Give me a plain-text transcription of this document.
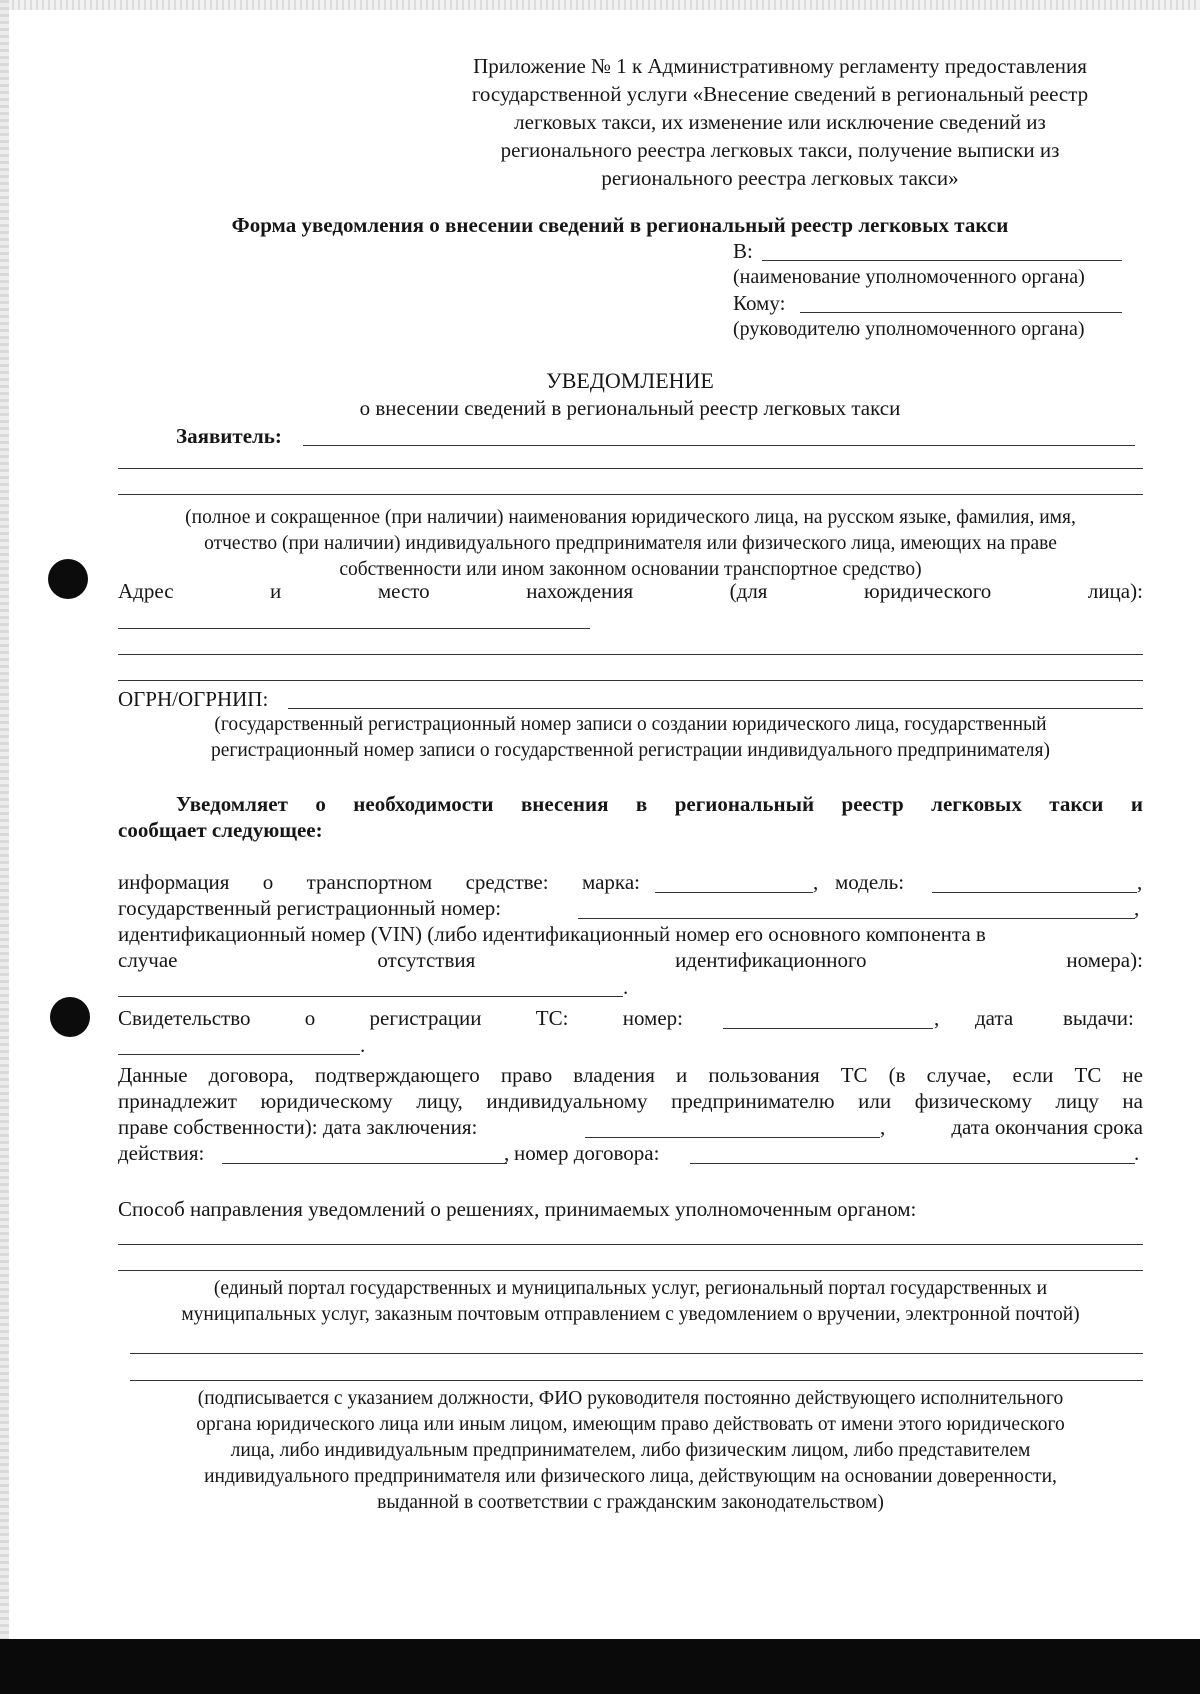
Приложение № 1 к Административному регламенту предоставления
государственной услуги «Внесение сведений в региональный реестр
легковых такси, их изменение или исключение сведений из
регионального реестра легковых такси, получение выписки из
регионального реестра легковых такси»
Форма уведомления о внесении сведений в региональный реестр легковых такси
В:
(наименование уполномоченного органа)
Кому:
(руководителю уполномоченного органа)
УВЕДОМЛЕНИЕ
о внесении сведений в региональный реестр легковых такси
Заявитель:
(полное и сокращенное (при наличии) наименования юридического лица, на русском языке, фамилия, имя,
отчество (при наличии) индивидуального предпринимателя или физического лица, имеющих на праве
собственности или ином законном основании транспортное средство)
Адрес	и	место	нахождения	(для	юридического	лица):
ОГРН/ОГРНИП:
(государственный регистрационный номер записи о создании юридического лица, государственный
регистрационный номер записи о государственной регистрации индивидуального предпринимателя)
Уведомляет о необходимости внесения в региональный реестр легковых такси и
сообщает следующее:
информация о транспортном средстве: марка:	, модель:	,
государственный регистрационный номер:	,
идентификационный номер (VIN) (либо идентификационный номер его основного компонента в
случае	отсутствия	идентификационного	номера):
.
Свидетельство	о	регистрации	ТС:	номер:	, дата выдачи:
.
Данные договора, подтверждающего право владения и пользования ТС (в случае, если ТС не
принадлежит юридическому лицу, индивидуальному предпринимателю или физическому лицу на
праве собственности): дата заключения:	,	дата окончания срока
действия:	, номер договора:	.
Способ направления уведомлений о решениях, принимаемых уполномоченным органом:
(единый портал государственных и муниципальных услуг, региональный портал государственных и
муниципальных услуг, заказным почтовым отправлением с уведомлением о вручении, электронной почтой)
(подписывается с указанием должности, ФИО руководителя постоянно действующего исполнительного
органа юридического лица или иным лицом, имеющим право действовать от имени этого юридического
лица, либо индивидуальным предпринимателем, либо физическим лицом, либо представителем
индивидуального предпринимателя или физического лица, действующим на основании доверенности,
выданной в соответствии с гражданским законодательством)
